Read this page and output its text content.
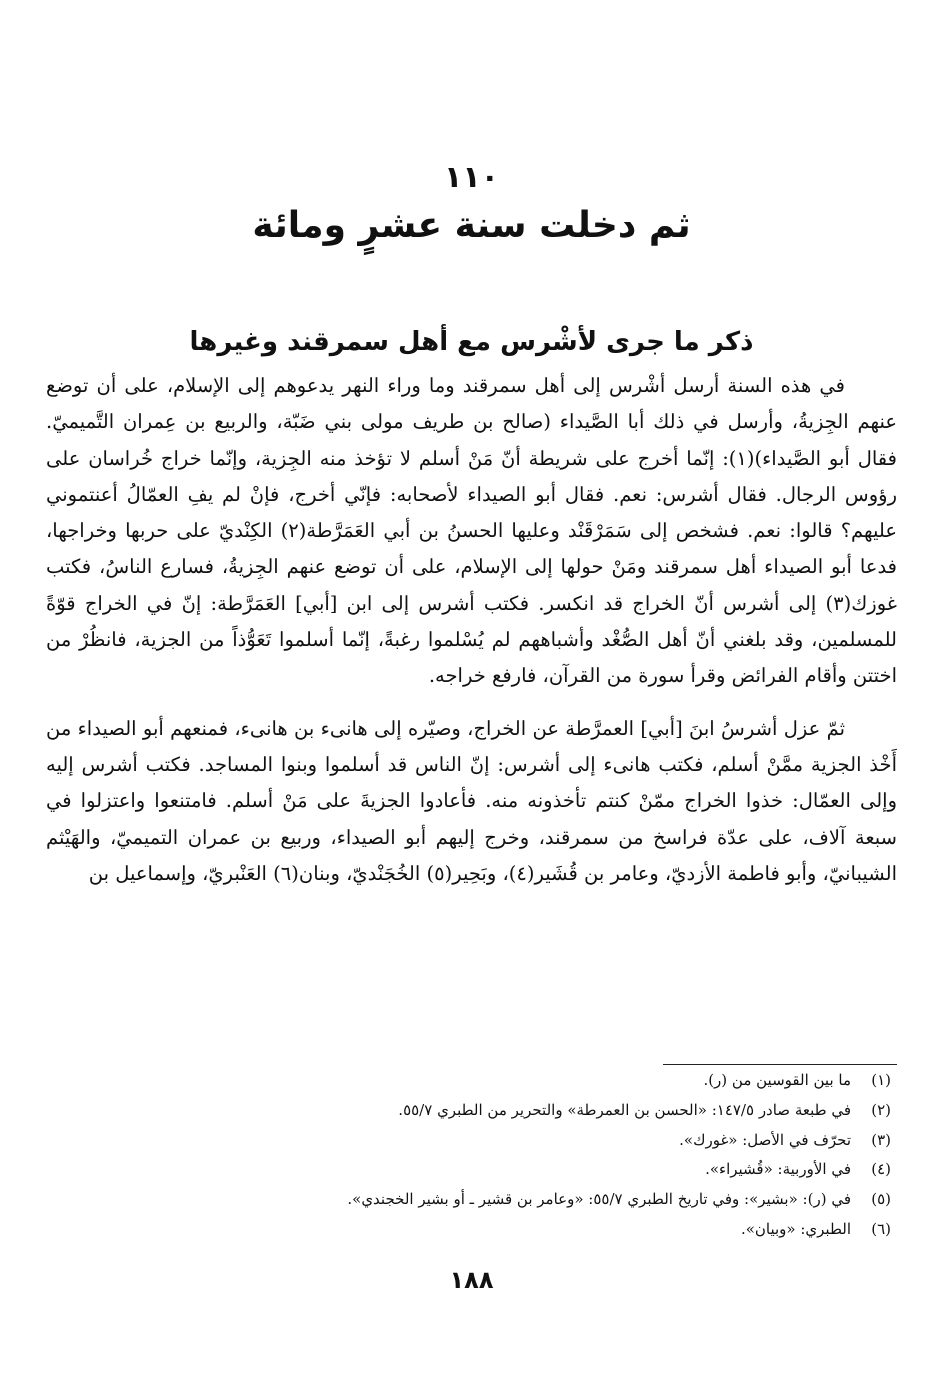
١١٠
ثم دخلت سنة عشرٍ ومائة
ذكر ما جرى لأشْرس مع أهل سمرقند وغيرها

في هذه السنة أرسل أشْرس إلى أهل سمرقند وما وراء النهر يدعوهم إلى الإسلام، على أن توضع عنهم الجِزيةُ، وأرسل في ذلك أبا الصَّيداء (صالح بن طريف مولى بني ضَبّة، والربيع بن عِمران التَّميميّ. فقال أبو الصَّيداء)(١): إنّما أخرج على شريطة أنّ مَنْ أسلم لا تؤخذ منه الجِزية، وإنّما خراج خُراسان على رؤوس الرجال. فقال أشرس: نعم. فقال أبو الصيداء لأصحابه: فإنّي أخرج، فإنْ لم يفِ العمّالُ أعنتموني عليهم؟ قالوا: نعم. فشخص إلى سَمَرْقَنْد وعليها الحسنُ بن أبي العَمَرَّطة(٢) الكِنْديّ على حربها وخراجها، فدعا أبو الصيداء أهل سمرقند ومَنْ حولها إلى الإسلام، على أن توضع عنهم الجِزيةُ، فسارع الناسُ، فكتب غوزك(٣) إلى أشرس أنّ الخراج قد انكسر. فكتب أشرس إلى ابن [أبي] العَمَرَّطة: إنّ في الخراج قوّةً للمسلمين، وقد بلغني أنّ أهل الصُّغْد وأشباههم لم يُسْلموا رغبةً، إنّما أسلموا تَعَوُّذاً من الجزية، فانظُرْ من اختتن وأقام الفرائض وقرأ سورة من القرآن، فارفع خراجه.

ثمّ عزل أشرسُ ابنَ [أبي] العمرَّطة عن الخراج، وصيّره إلى هانىء بن هانىء، فمنعهم أبو الصيداء من أَخْذ الجزية ممَّنْ أسلم، فكتب هانىء إلى أشرس: إنّ الناس قد أسلموا وبنوا المساجد. فكتب أشرس إليه وإلى العمّال: خذوا الخراج ممّنْ كنتم تأخذونه منه. فأعادوا الجزيةَ على مَنْ أسلم. فامتنعوا واعتزلوا في سبعة آلاف، على عدّة فراسخ من سمرقند، وخرج إليهم أبو الصيداء، وربيع بن عمران التميميّ، والهَيْثم الشيبانيّ، وأبو فاطمة الأزديّ، وعامر بن قُشَير(٤)، وبَحِير(٥) الخُجَنْديّ، وبنان(٦) العَنْبريّ، وإسماعيل بن

(١)ما بين القوسين من (ر).
(٢)في طبعة صادر ١٤٧/٥: «الحسن بن العمرطة» والتحرير من الطبري ٥٥/٧.
(٣)تحرّف في الأصل: «غورك».
(٤)في الأوربية: «قُشيراء».
(٥)في (ر): «بشير»: وفي تاريخ الطبري ٥٥/٧: «وعامر بن قشير ـ أو بشير الخجندي».
(٦)الطبري: «وبيان».
١٨٨
